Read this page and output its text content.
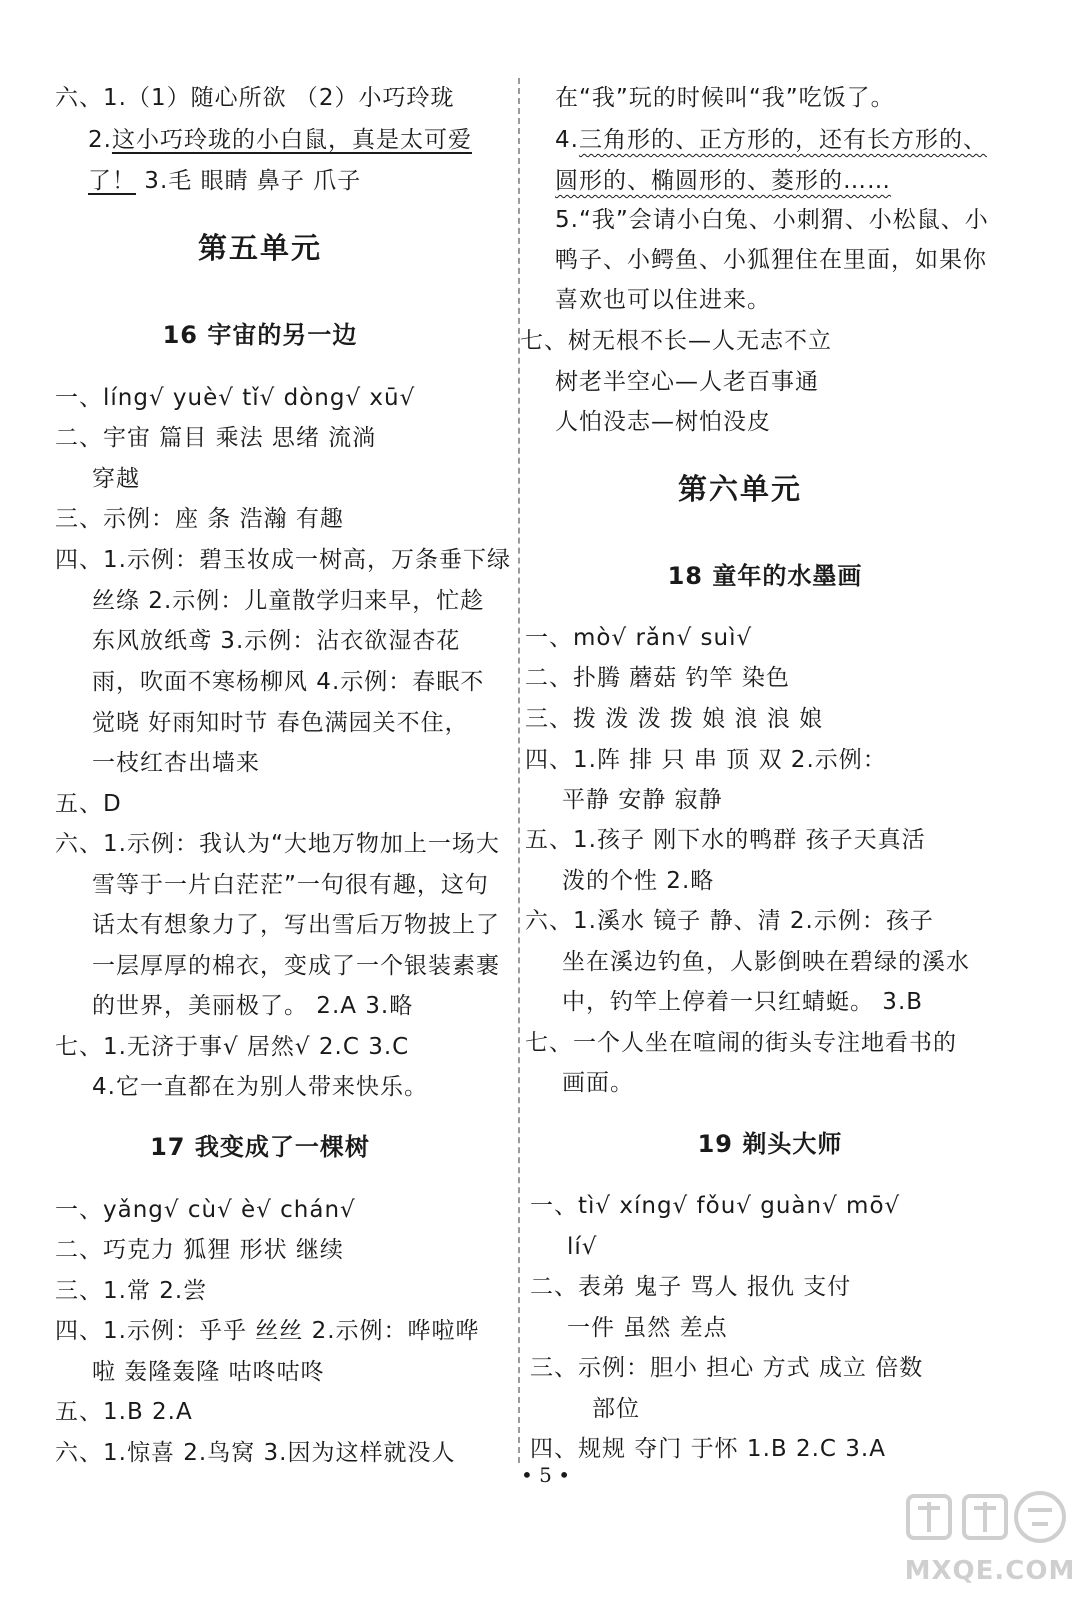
六、1.（1）随心所欲 （2）小巧玲珑
2.这小巧玲珑的小白鼠，真是太可爱
了！ 3.毛 眼睛 鼻子 爪子
第五单元
16 宇宙的另一边
一、líng√ yuè√ tǐ√ dòng√ xū√
二、宇宙 篇目 乘法 思绪 流淌
穿越
三、示例：座 条 浩瀚 有趣
四、1.示例：碧玉妆成一树高，万条垂下绿
丝绦 2.示例：儿童散学归来早，忙趁
东风放纸鸢 3.示例：沾衣欲湿杏花
雨，吹面不寒杨柳风 4.示例：春眠不
觉晓 好雨知时节 春色满园关不住，
一枝红杏出墙来
五、D
六、1.示例：我认为“大地万物加上一场大
雪等于一片白茫茫”一句很有趣，这句
话太有想象力了，写出雪后万物披上了
一层厚厚的棉衣，变成了一个银装素裹
的世界，美丽极了。 2.A 3.略
七、1.无济于事√ 居然√ 2.C 3.C
4.它一直都在为别人带来快乐。
17 我变成了一棵树
一、yǎng√ cù√ è√ chán√
二、巧克力 狐狸 形状 继续
三、1.常 2.尝
四、1.示例：乎乎 丝丝 2.示例：哗啦哗
啦 轰隆轰隆 咕咚咕咚
五、1.B 2.A
六、1.惊喜 2.鸟窝 3.因为这样就没人
在“我”玩的时候叫“我”吃饭了。
4.三角形的、正方形的，还有长方形的、
圆形的、椭圆形的、菱形的……
5.“我”会请小白兔、小刺猬、小松鼠、小
鸭子、小鳄鱼、小狐狸住在里面，如果你
喜欢也可以住进来。
七、树无根不长—人无志不立
树老半空心—人老百事通
人怕没志—树怕没皮
第六单元
18 童年的水墨画
一、mò√ rǎn√ suì√
二、扑腾 蘑菇 钓竿 染色
三、拨 泼 泼 拨 娘 浪 浪 娘
四、1.阵 排 只 串 顶 双 2.示例：
平静 安静 寂静
五、1.孩子 刚下水的鸭群 孩子天真活
泼的个性 2.略
六、1.溪水 镜子 静、清 2.示例：孩子
坐在溪边钓鱼，人影倒映在碧绿的溪水
中，钓竿上停着一只红蜻蜓。 3.B
七、一个人坐在喧闹的街头专注地看书的
画面。
19 剃头大师
一、tì√ xíng√ fǒu√ guàn√ mō√
lí√
二、表弟 鬼子 骂人 报仇 支付
一件 虽然 差点
三、示例：胆小 担心 方式 成立 倍数
部位
四、规规 夺门 于怀 1.B 2.C 3.A
• 5 •
MXQE.COM
